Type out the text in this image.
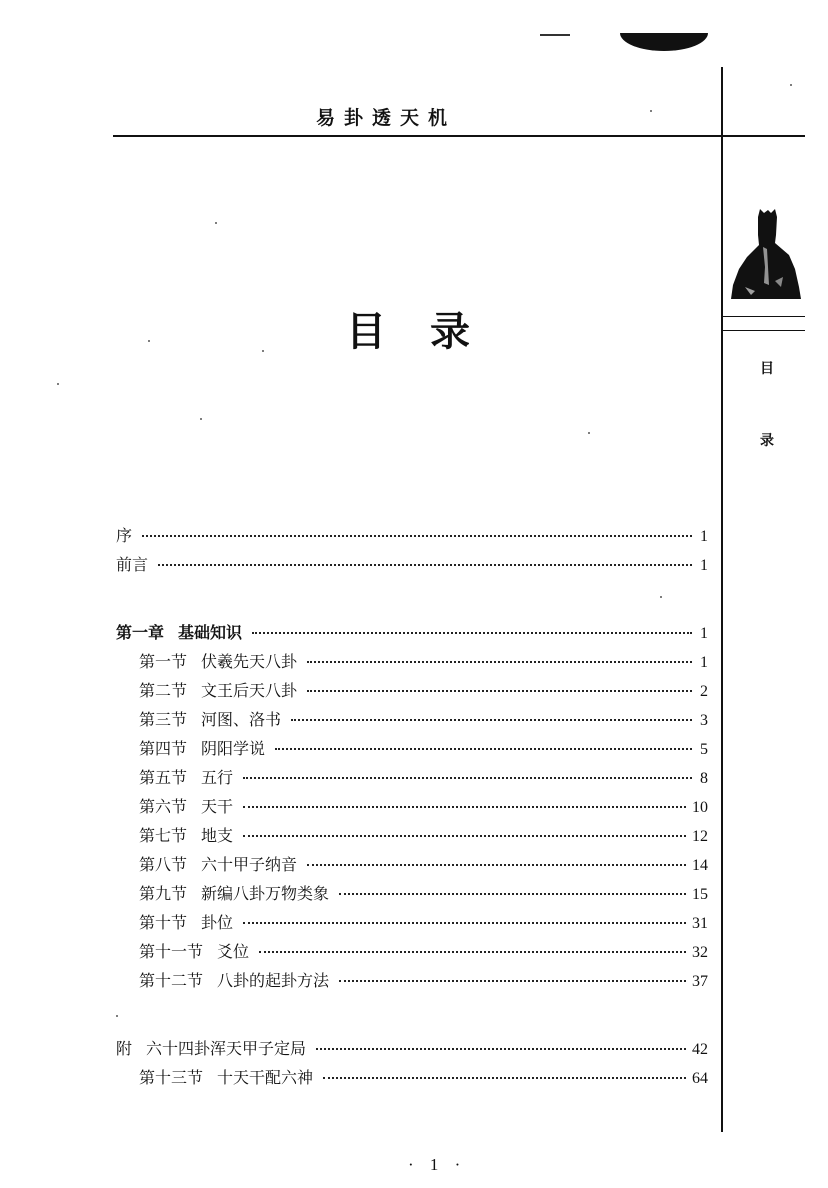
易卦透天机
目
录
目录
序	1
前言	1
第一章 基础知识	1
第一节 伏羲先天八卦	1
第二节 文王后天八卦	2
第三节 河图、洛书	3
第四节 阴阳学说	5
第五节 五行	8
第六节 天干	10
第七节 地支	12
第八节 六十甲子纳音	14
第九节 新编八卦万物类象	15
第十节 卦位	31
第十一节 爻位	32
第十二节 八卦的起卦方法	37
附 六十四卦浑天甲子定局	42
第十三节 十天干配六神	64
· 1 ·
